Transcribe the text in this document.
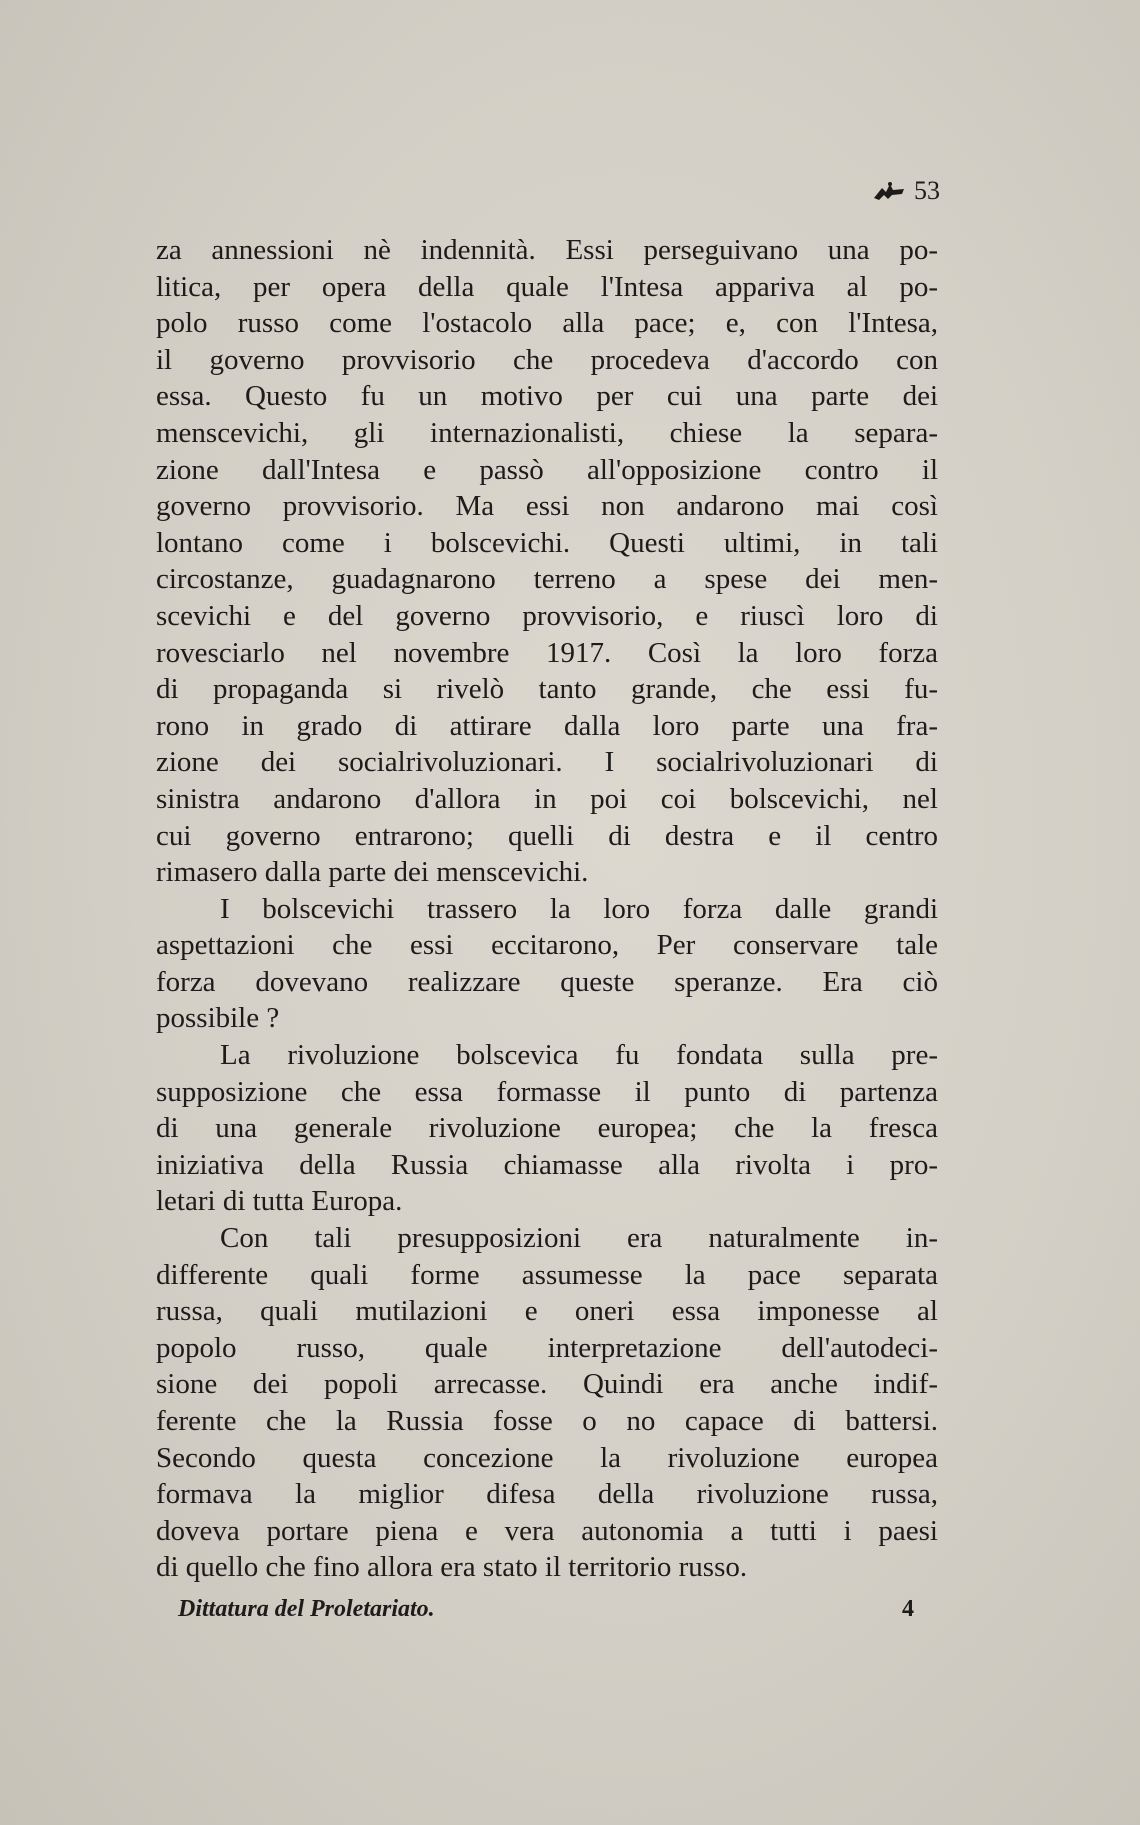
53
za annessioni nè indennità. Essi perseguivano una po-
litica, per opera della quale l'Intesa appariva al po-
polo russo come l'ostacolo alla pace; e, con l'Intesa,
il governo provvisorio che procedeva d'accordo con
essa. Questo fu un motivo per cui una parte dei
menscevichi, gli internazionalisti, chiese la separa-
zione dall'Intesa e passò all'opposizione contro il
governo provvisorio. Ma essi non andarono mai così
lontano come i bolscevichi. Questi ultimi, in tali
circostanze, guadagnarono terreno a spese dei men-
scevichi e del governo provvisorio, e riuscì loro di
rovesciarlo nel novembre 1917. Così la loro forza
di propaganda si rivelò tanto grande, che essi fu-
rono in grado di attirare dalla loro parte una fra-
zione dei socialrivoluzionari. I socialrivoluzionari di
sinistra andarono d'allora in poi coi bolscevichi, nel
cui governo entrarono; quelli di destra e il centro
rimasero dalla parte dei menscevichi.
I bolscevichi trassero la loro forza dalle grandi
aspettazioni che essi eccitarono, Per conservare tale
forza dovevano realizzare queste speranze. Era ciò
possibile ?
La rivoluzione bolscevica fu fondata sulla pre-
supposizione che essa formasse il punto di partenza
di una generale rivoluzione europea; che la fresca
iniziativa della Russia chiamasse alla rivolta i pro-
letari di tutta Europa.
Con tali presupposizioni era naturalmente in-
differente quali forme assumesse la pace separata
russa, quali mutilazioni e oneri essa imponesse al
popolo russo, quale interpretazione dell'autodeci-
sione dei popoli arrecasse. Quindi era anche indif-
ferente che la Russia fosse o no capace di battersi.
Secondo questa concezione la rivoluzione europea
formava la miglior difesa della rivoluzione russa,
doveva portare piena e vera autonomia a tutti i paesi
di quello che fino allora era stato il territorio russo.
Dittatura del Proletariato.	4
